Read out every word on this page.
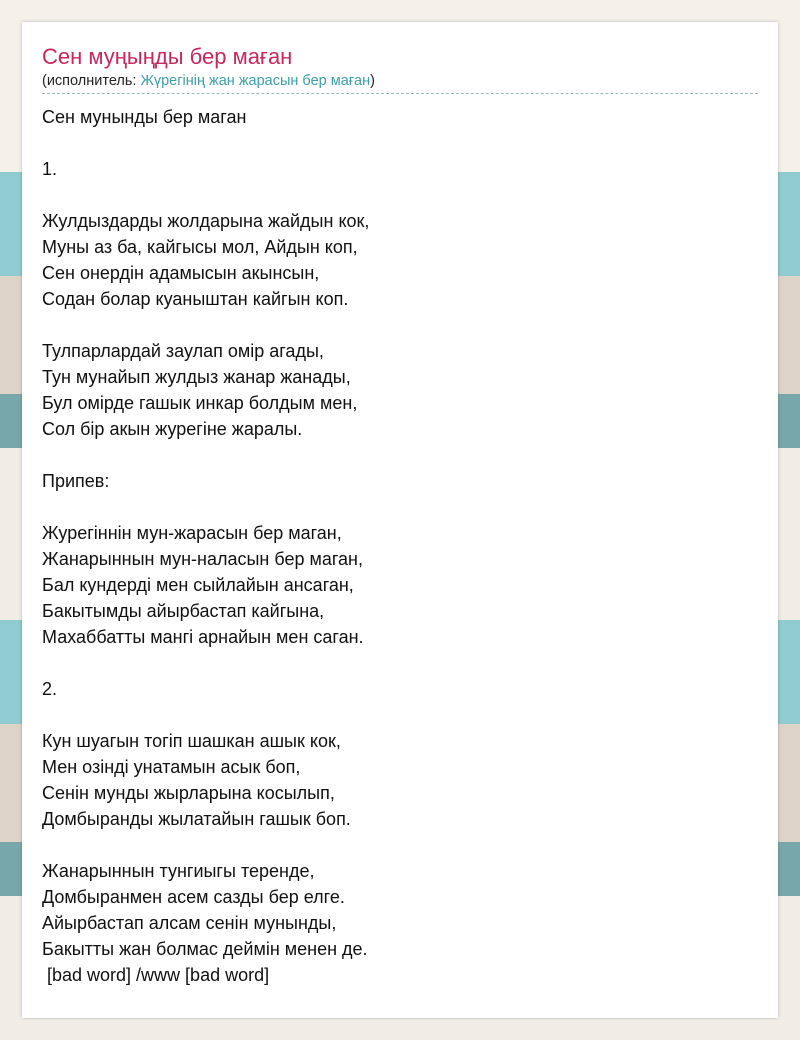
Сен муңыңды бер маған
(исполнитель: Жүрегінің жан жарасын бер маған)
Сен мунынды бер маган

1.

Жулдыздарды жолдарына жайдын кок,
Муны аз ба, кайгысы мол, Айдын коп,
Сен онердін адамысын акынсын,
Содан болар куаныштан кайгын коп.

Тулпарлардай заулап омір агады,
Тун мунайып жулдыз жанар жанады,
Бул омірде гашык инкар болдым мен,
Сол бір акын журегіне жаралы.

Припев:

Журегіннін мун-жарасын бер маган,
Жанарыннын мун-наласын бер маган,
Бал кундерді мен сыйлайын ансаган,
Бакытымды айырбастап кайгына,
Махаббатты мангі арнайын мен саган.

2.

Кун шуагын тогіп шашкан ашык кок,
Мен озінді унатамын асык боп,
Сенін мунды жырларына косылып,
Домбыранды жылатайын гашык боп.

Жанарыннын тунгиыгы теренде,
Домбыранмен асем сазды бер елге.
Айырбастап алсам сенін мунынды,
Бакытты жан болмас деймін менен де.
[bad word] /www [bad word]
